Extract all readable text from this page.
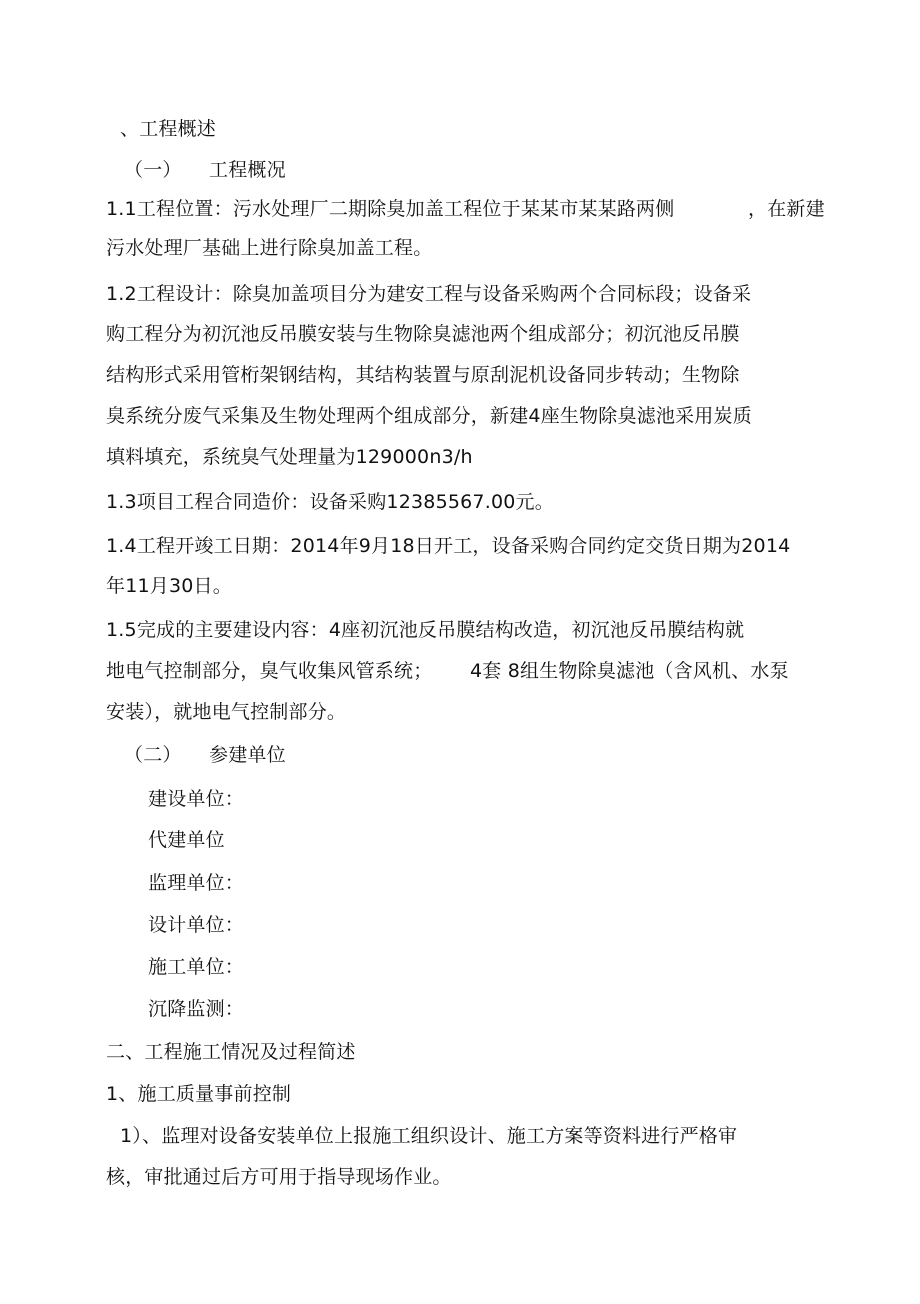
、工程概述
（一） 工程概况
1.1工程位置：污水处理厂二期除臭加盖工程位于某某市某某路两侧	，在新建
污水处理厂基础上进行除臭加盖工程。
1.2工程设计：除臭加盖项目分为建安工程与设备采购两个合同标段；设备采
购工程分为初沉池反吊膜安装与生物除臭滤池两个组成部分；初沉池反吊膜
结构形式采用管桁架钢结构，其结构装置与原刮泥机设备同步转动；生物除
臭系统分废气采集及生物处理两个组成部分，新建4座生物除臭滤池采用炭质
填料填充，系统臭气处理量为129000n3/h
1.3项目工程合同造价：设备采购12385567.00元。
1.4工程开竣工日期：2014年9月18日开工，设备采购合同约定交货日期为2014
年11月30日。
1.5完成的主要建设内容：4座初沉池反吊膜结构改造，初沉池反吊膜结构就
地电气控制部分，臭气收集风管系统； 4套 8组生物除臭滤池（含风机、水泵
安装），就地电气控制部分。
（二） 参建单位
建设单位：
代建单位
监理单位：
设计单位：
施工单位：
沉降监测：
二、工程施工情况及过程简述
1、施工质量事前控制
1）、监理对设备安装单位上报施工组织设计、施工方案等资料进行严格审
核，审批通过后方可用于指导现场作业。
